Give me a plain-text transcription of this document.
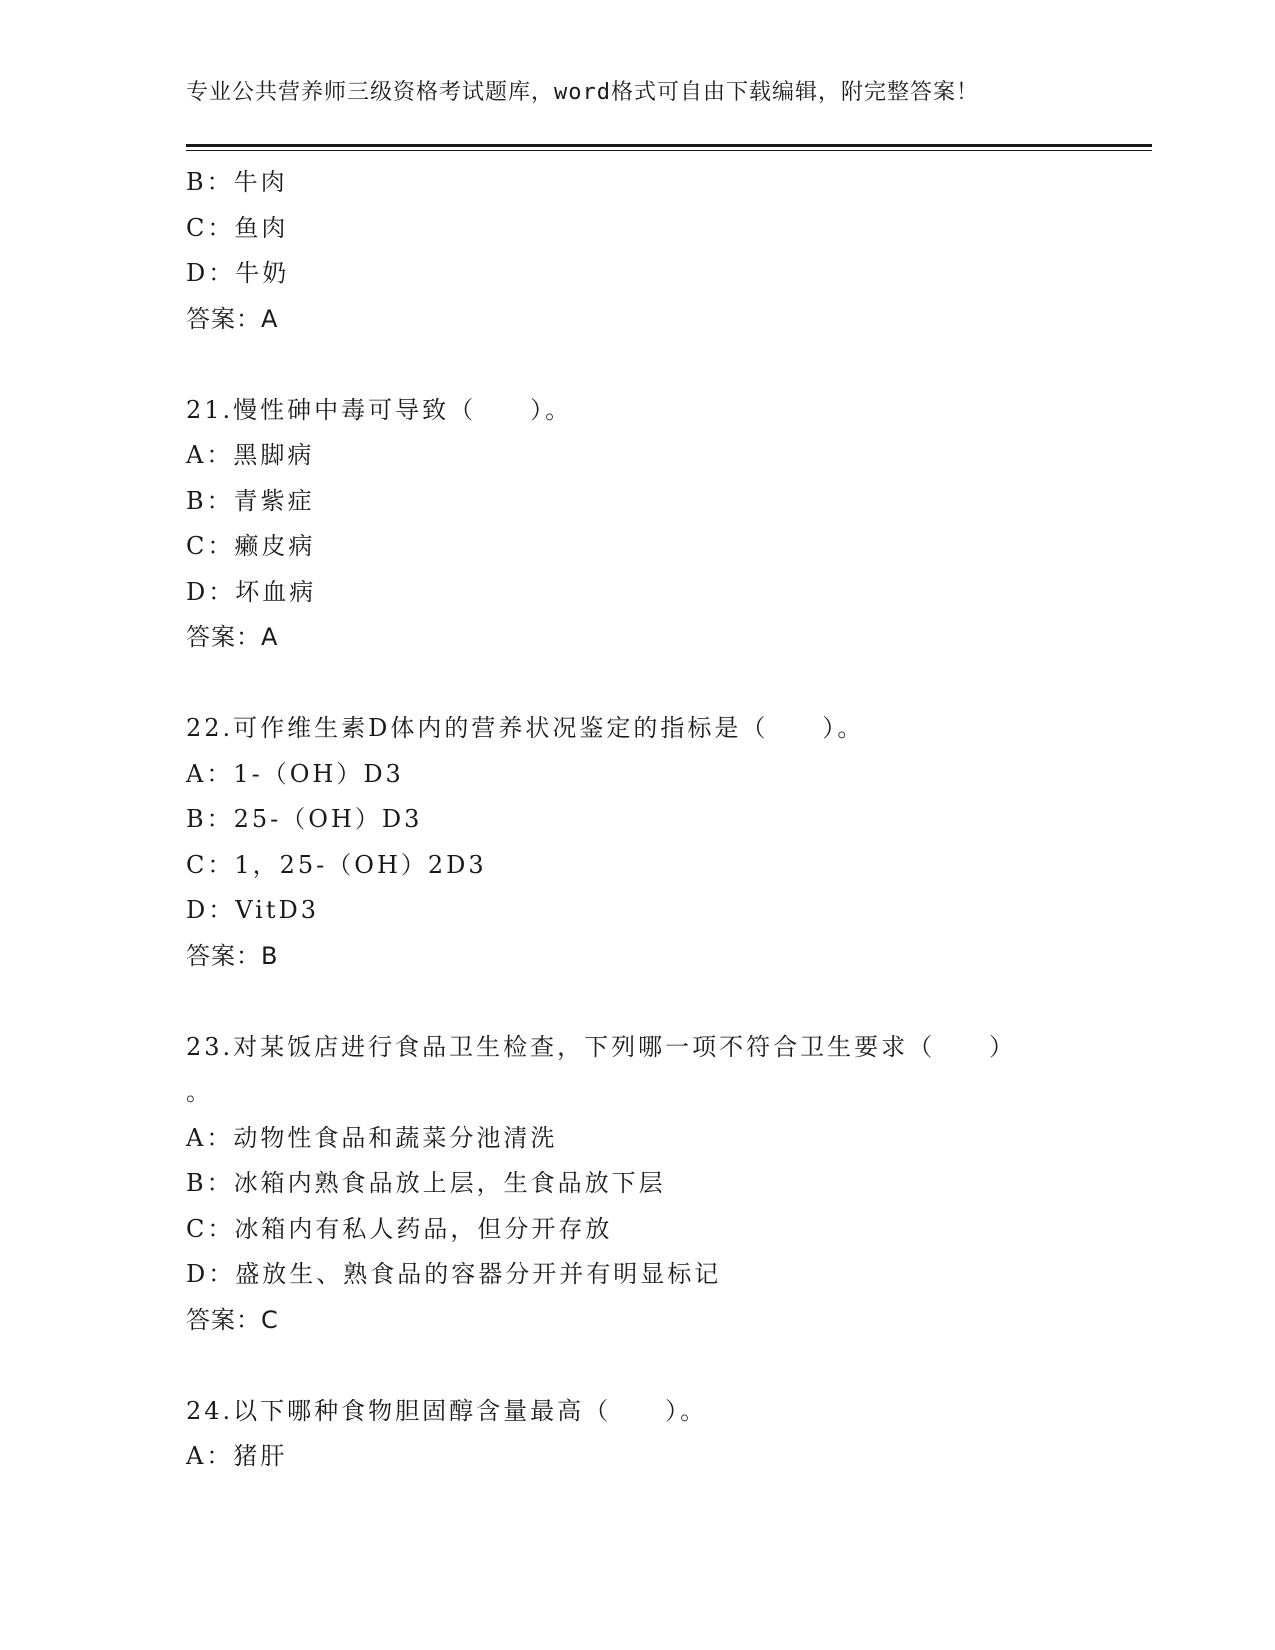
专业公共营养师三级资格考试题库，word格式可自由下载编辑，附完整答案！
B：牛肉
C：鱼肉
D：牛奶
答案：A
21.慢性砷中毒可导致（　　）。
A：黑脚病
B：青紫症
C：癞皮病
D：坏血病
答案：A
22.可作维生素D体内的营养状况鉴定的指标是（　　）。
A：1-（OH）D3
B：25-（OH）D3
C：1，25-（OH）2D3
D：VitD3
答案：B
23.对某饭店进行食品卫生检查，下列哪一项不符合卫生要求（　　）
。
A：动物性食品和蔬菜分池清洗
B：冰箱内熟食品放上层，生食品放下层
C：冰箱内有私人药品，但分开存放
D：盛放生、熟食品的容器分开并有明显标记
答案：C
24.以下哪种食物胆固醇含量最高（　　）。
A：猪肝
